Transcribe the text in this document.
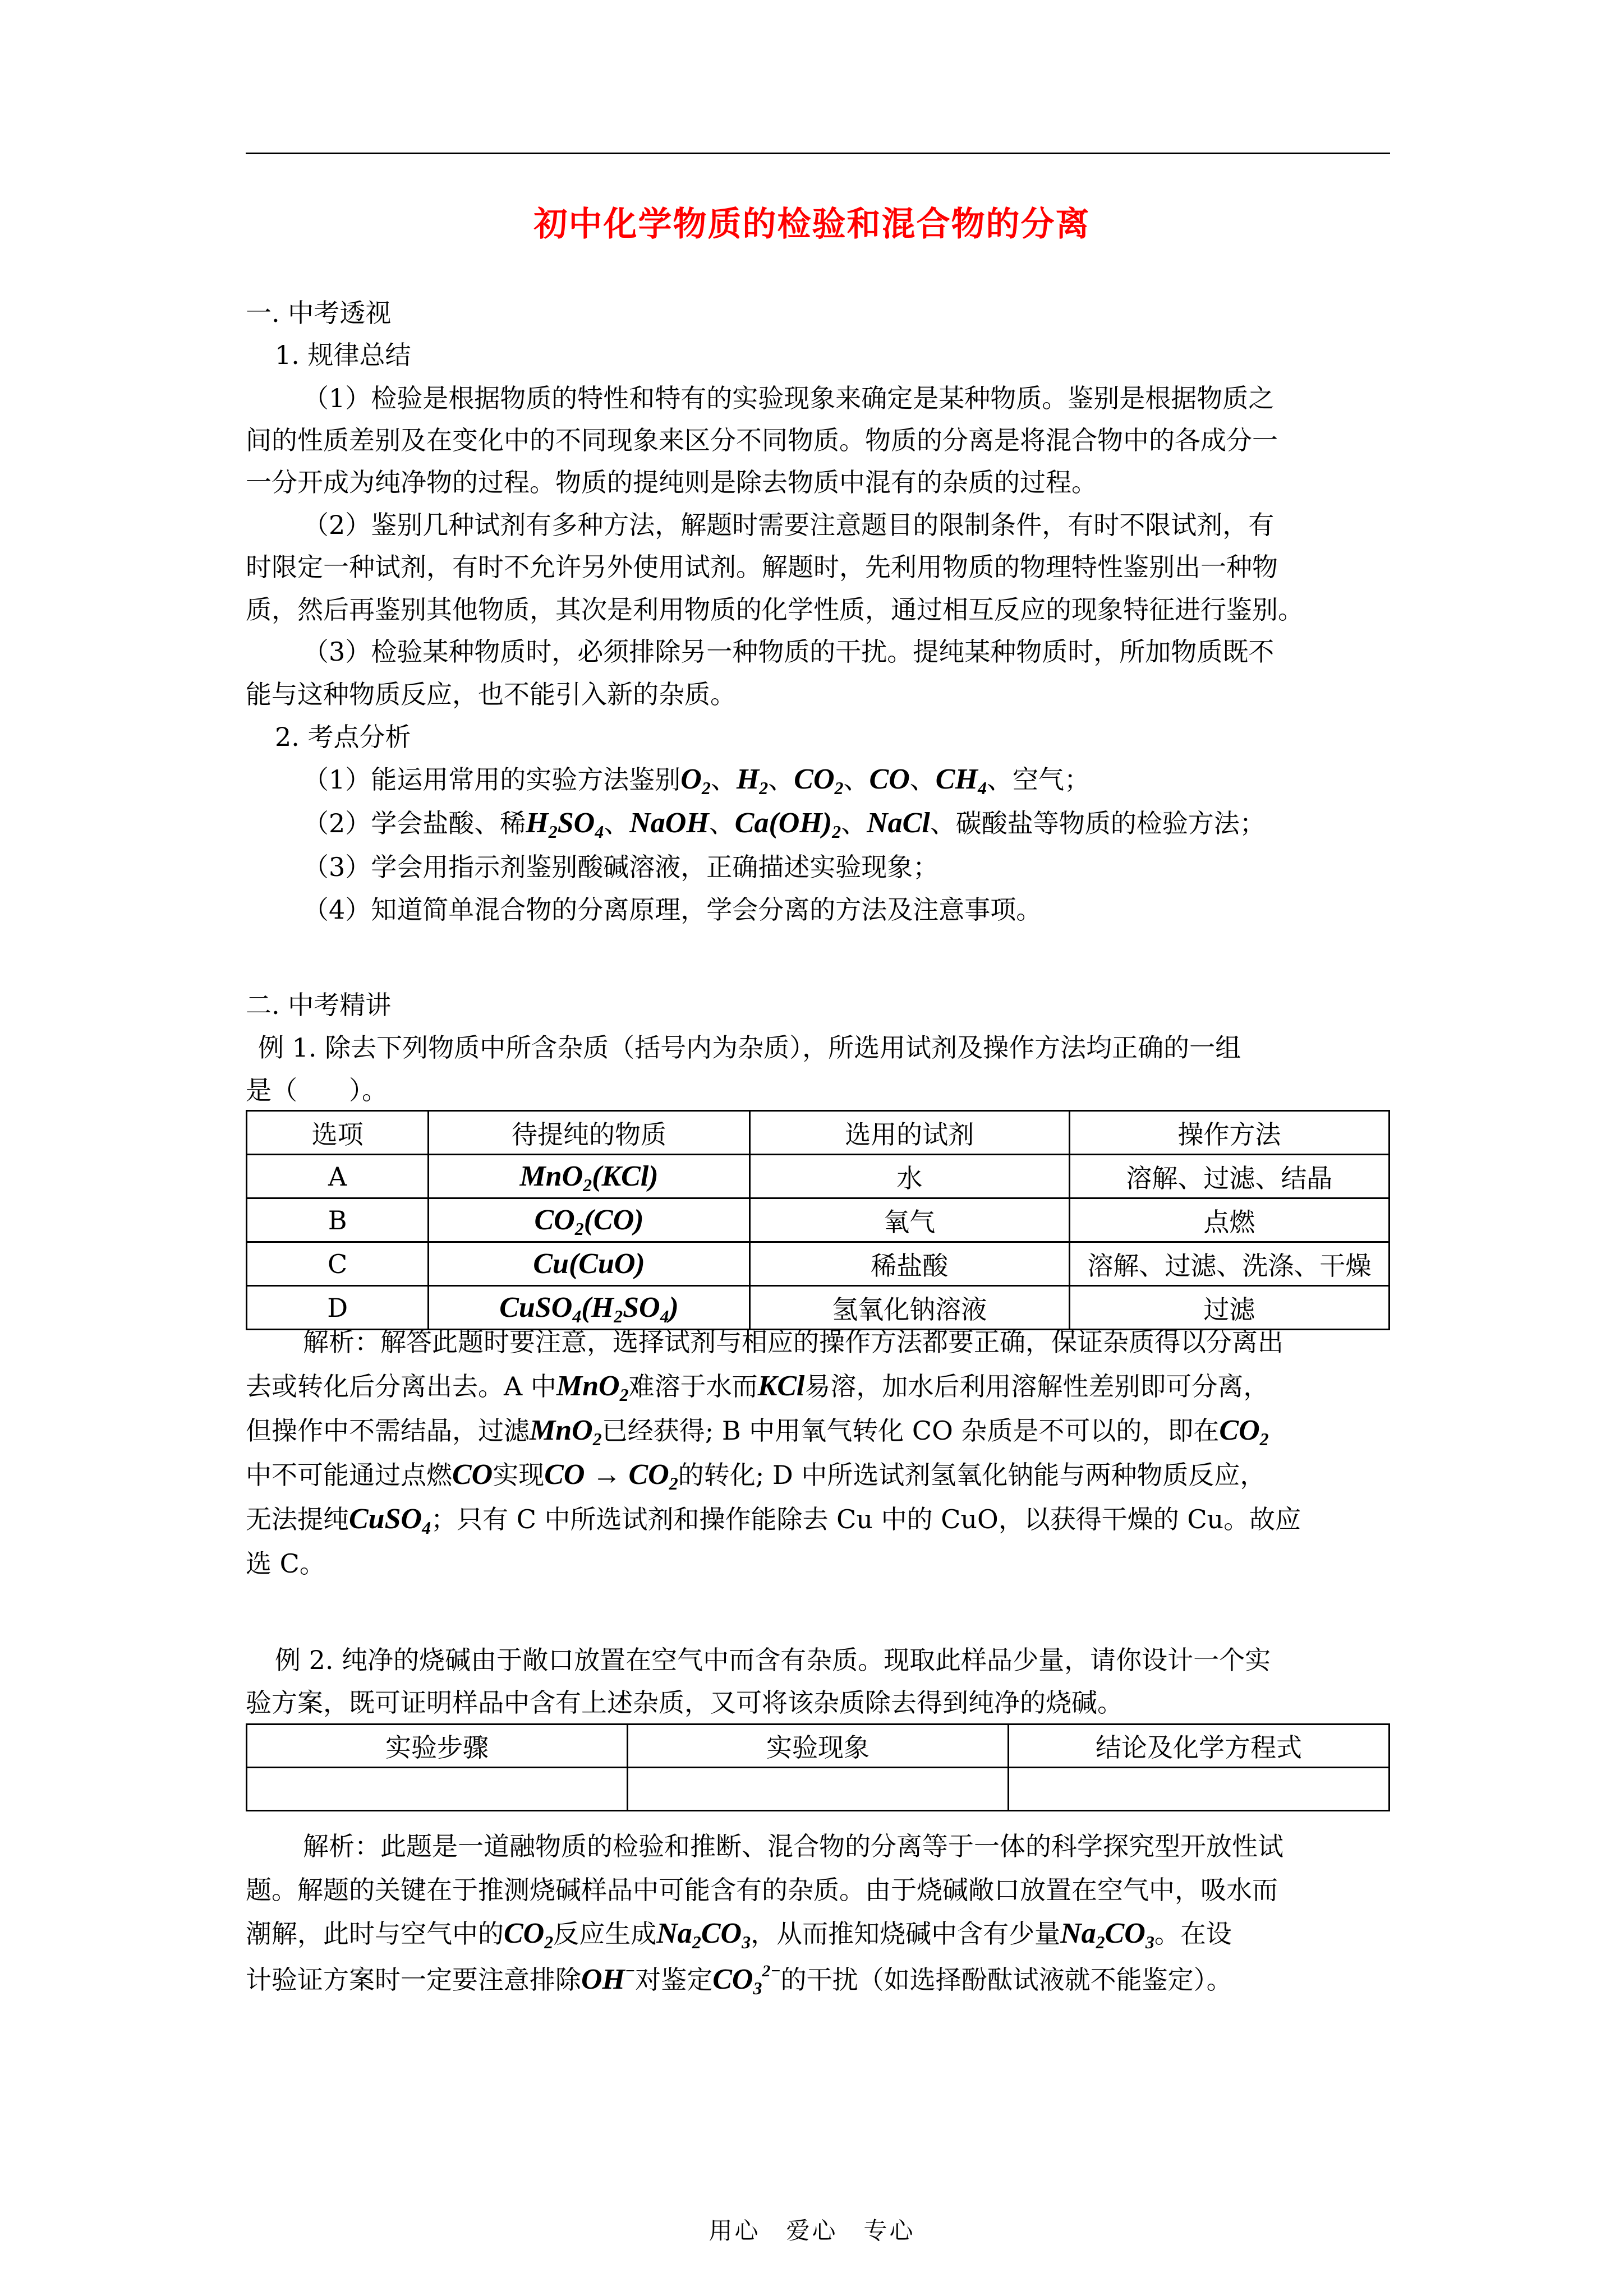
初中化学物质的检验和混合物的分离
一. 中考透视
1. 规律总结
（1）检验是根据物质的特性和特有的实验现象来确定是某种物质。鉴别是根据物质之
间的性质差别及在变化中的不同现象来区分不同物质。物质的分离是将混合物中的各成分一
一分开成为纯净物的过程。物质的提纯则是除去物质中混有的杂质的过程。
（2）鉴别几种试剂有多种方法，解题时需要注意题目的限制条件，有时不限试剂，有
时限定一种试剂，有时不允许另外使用试剂。解题时，先利用物质的物理特性鉴别出一种物
质，然后再鉴别其他物质，其次是利用物质的化学性质，通过相互反应的现象特征进行鉴别。
（3）检验某种物质时，必须排除另一种物质的干扰。提纯某种物质时，所加物质既不
能与这种物质反应，也不能引入新的杂质。
2. 考点分析
（1）能运用常用的实验方法鉴别$O_2$、$H_2$、$CO_2$、CO、$CH_4$、空气；
（2）学会盐酸、稀$H_2SO_4$、NaOH、$Ca(OH)_2$、NaCl、碳酸盐等物质的检验方法；
（3）学会用指示剂鉴别酸碱溶液，正确描述实验现象；
（4）知道简单混合物的分离原理，学会分离的方法及注意事项。
二. 中考精讲
例 1. 除去下列物质中所含杂质（括号内为杂质），所选用试剂及操作方法均正确的一组
是（　　）。
选项	待提纯的物质	选用的试剂	操作方法
A	MnO$_2$(KCl)	水	溶解、过滤、结晶
B	$CO_2(CO)$	氧气	点燃
C	Cu(CuO)	稀盐酸	溶解、过滤、洗涤、干燥
D	$CuSO_4(H_2SO_4)$	氢氧化钠溶液	过滤
解析：解答此题时要注意，选择试剂与相应的操作方法都要正确，保证杂质得以分离出
去或转化后分离出去。A 中MnO$_2$难溶于水而KCl易溶，加水后利用溶解性差别即可分离，
但操作中不需结晶，过滤MnO$_2$已经获得; B 中用氧气转化 CO 杂质是不可以的，即在$CO_2$
中不可能通过点燃CO实现CO → $CO_2$的转化; D 中所选试剂氢氧化钠能与两种物质反应，
无法提纯CuSO$_4$；只有 C 中所选试剂和操作能除去 Cu 中的 CuO，以获得干燥的 Cu。故应
选 C。
例 2. 纯净的烧碱由于敞口放置在空气中而含有杂质。现取此样品少量，请你设计一个实
验方案，既可证明样品中含有上述杂质，又可将该杂质除去得到纯净的烧碱。
实验步骤	实验现象	结论及化学方程式

解析：此题是一道融物质的检验和推断、混合物的分离等于一体的科学探究型开放性试
题。解题的关键在于推测烧碱样品中可能含有的杂质。由于烧碱敞口放置在空气中，吸水而
潮解，此时与空气中的$CO_2$反应生成$Na_2CO_3$，从而推知烧碱中含有少量$Na_2CO_3$。在设
计验证方案时一定要注意排除OH−对鉴定$CO_3^{2-}$的干扰（如选择酚酞试液就不能鉴定）。
用心　爱心　专心
